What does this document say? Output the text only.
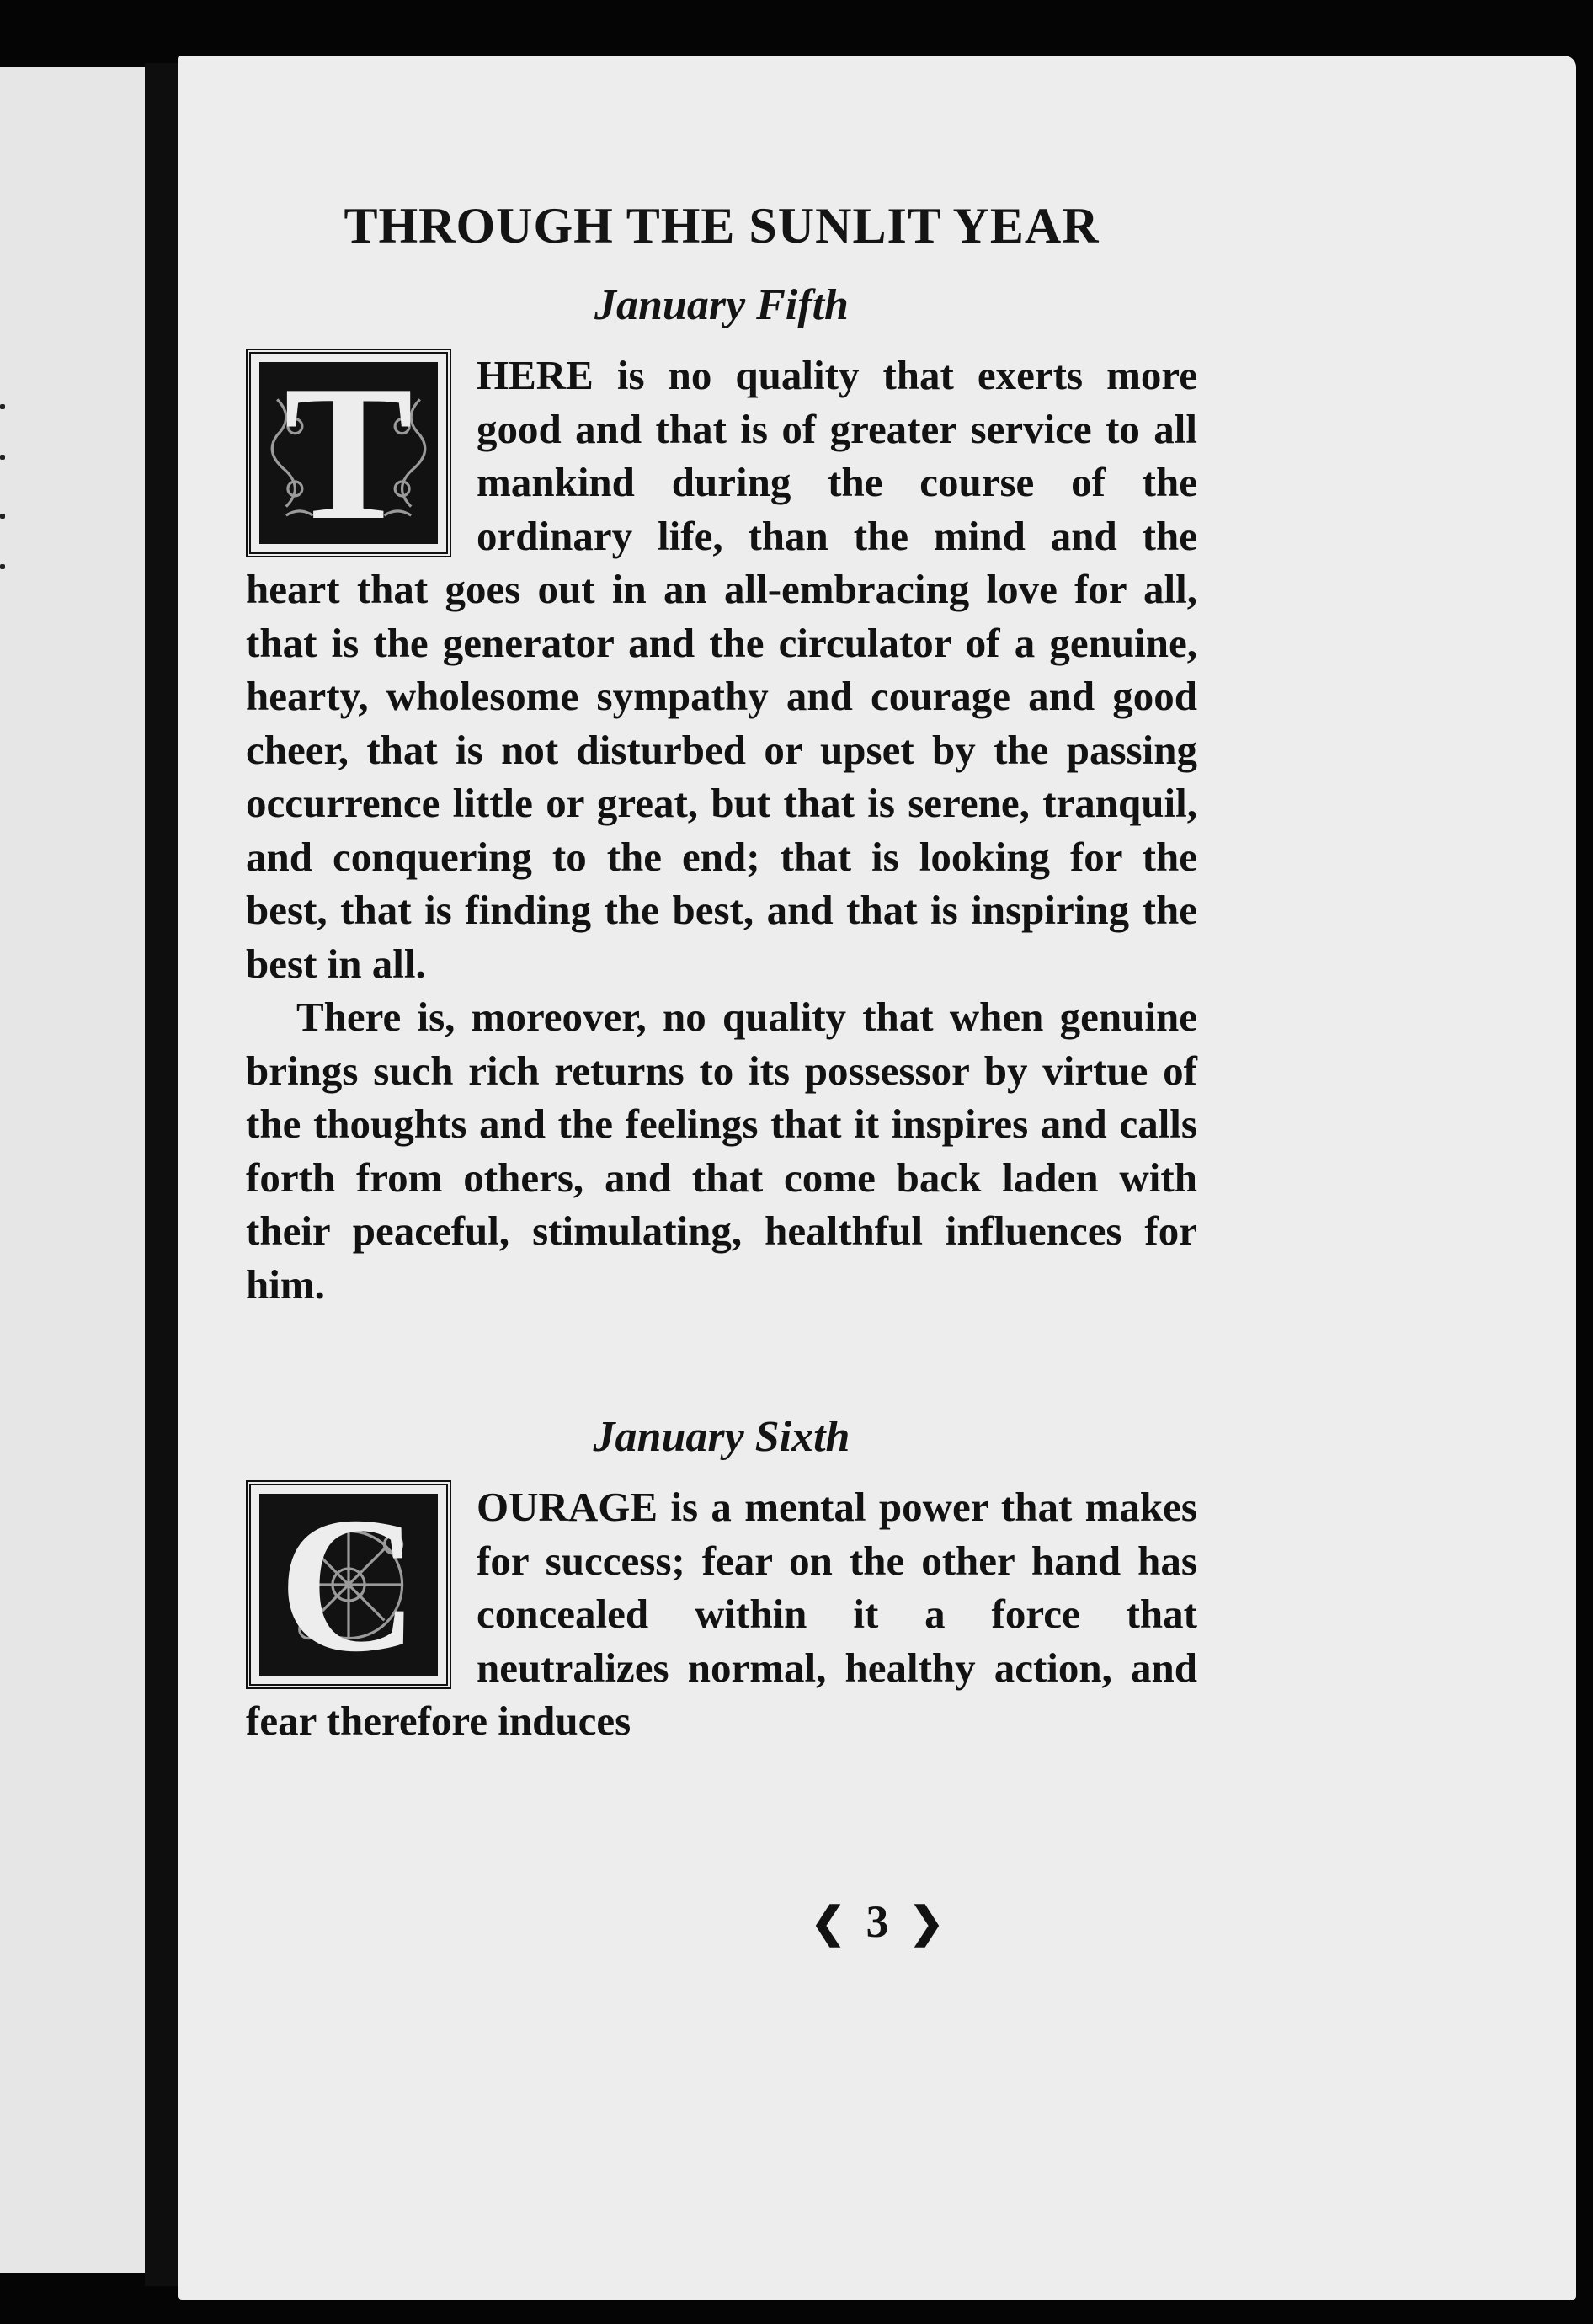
THROUGH THE SUNLIT YEAR
January Fifth
T	HERE is no quality that exerts more good and that is of greater service to all mankind during the course of the ordinary life, than the mind and the heart that goes out in an all-embracing love for all, that is the generator and the circulator of a genuine, hearty, wholesome sympathy and courage and good cheer, that is not disturbed or upset by the passing occurrence little or great, but that is serene, tranquil, and conquering to the end; that is looking for the best, that is finding the best, and that is inspiring the best in all.

There is, moreover, no quality that when genuine brings such rich returns to its possessor by virtue of the thoughts and the feelings that it inspires and calls forth from others, and that come back laden with their peaceful, stimulating, healthful influences for him.

January Sixth
C	OURAGE is a mental power that makes for success; fear on the other hand has concealed within it a force that neutralizes normal, healthy action, and fear therefore induces

❮ 3 ❯
